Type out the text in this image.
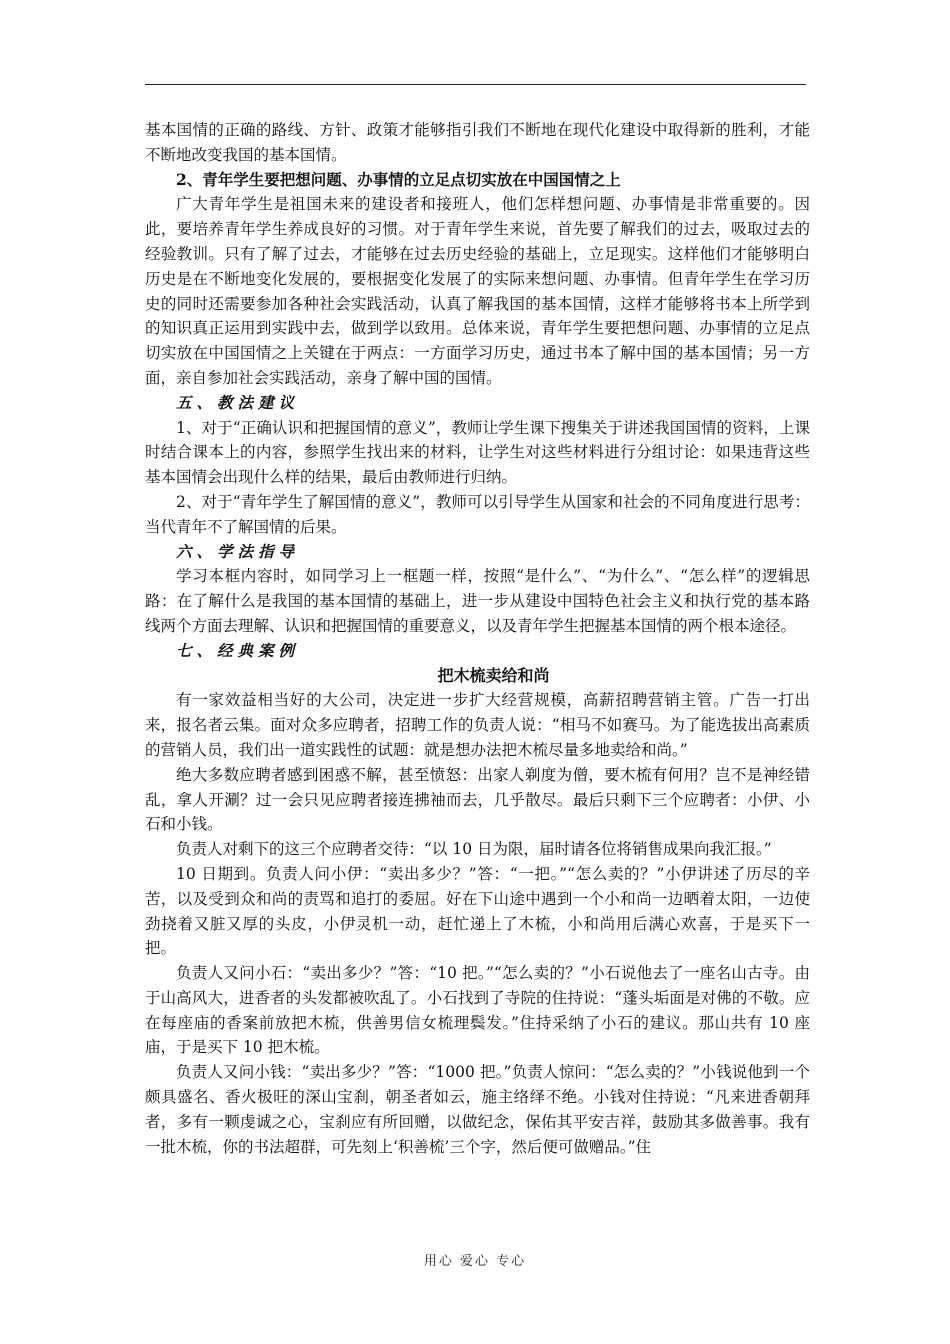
基本国情的正确的路线、方针、政策才能够指引我们不断地在现代化建设中取得新的胜利，才能不断地改变我国的基本国情。

2、青年学生要把想问题、办事情的立足点切实放在中国国情之上

广大青年学生是祖国未来的建设者和接班人，他们怎样想问题、办事情是非常重要的。因此，要培养青年学生养成良好的习惯。对于青年学生来说，首先要了解我们的过去，吸取过去的经验教训。只有了解了过去，才能够在过去历史经验的基础上，立足现实。这样他们才能够明白历史是在不断地变化发展的，要根据变化发展了的实际来想问题、办事情。但青年学生在学习历史的同时还需要参加各种社会实践活动，认真了解我国的基本国情，这样才能够将书本上所学到的知识真正运用到实践中去，做到学以致用。总体来说，青年学生要把想问题、办事情的立足点切实放在中国国情之上关键在于两点：一方面学习历史，通过书本了解中国的基本国情；另一方面，亲自参加社会实践活动，亲身了解中国的国情。

五、教法建议

1、对于“正确认识和把握国情的意义”，教师让学生课下搜集关于讲述我国国情的资料，上课时结合课本上的内容，参照学生找出来的材料，让学生对这些材料进行分组讨论：如果违背这些基本国情会出现什么样的结果，最后由教师进行归纳。

2、对于“青年学生了解国情的意义”，教师可以引导学生从国家和社会的不同角度进行思考：当代青年不了解国情的后果。

六、学法指导

学习本框内容时，如同学习上一框题一样，按照“是什么”、“为什么”、“怎么样”的逻辑思路：在了解什么是我国的基本国情的基础上，进一步从建设中国特色社会主义和执行党的基本路线两个方面去理解、认识和把握国情的重要意义，以及青年学生把握基本国情的两个根本途径。

七、经典案例

把木梳卖给和尚

有一家效益相当好的大公司，决定进一步扩大经营规模，高薪招聘营销主管。广告一打出来，报名者云集。面对众多应聘者，招聘工作的负责人说：“相马不如赛马。为了能选拔出高素质的营销人员，我们出一道实践性的试题：就是想办法把木梳尽量多地卖给和尚。”

绝大多数应聘者感到困惑不解，甚至愤怒：出家人剃度为僧，要木梳有何用？岂不是神经错乱，拿人开涮？过一会只见应聘者接连拂袖而去，几乎散尽。最后只剩下三个应聘者：小伊、小石和小钱。

负责人对剩下的这三个应聘者交待：“以 10 日为限，届时请各位将销售成果向我汇报。”

10 日期到。负责人问小伊：“卖出多少？”答：“一把。”“怎么卖的？”小伊讲述了历尽的辛苦，以及受到众和尚的责骂和追打的委屈。好在下山途中遇到一个小和尚一边晒着太阳，一边使劲挠着又脏又厚的头皮，小伊灵机一动，赶忙递上了木梳，小和尚用后满心欢喜，于是买下一把。

负责人又问小石：“卖出多少？”答：“10 把。”“怎么卖的？”小石说他去了一座名山古寺。由于山高风大，进香者的头发都被吹乱了。小石找到了寺院的住持说：“蓬头垢面是对佛的不敬。应在每座庙的香案前放把木梳，供善男信女梳理鬓发。”住持采纳了小石的建议。那山共有 10 座庙，于是买下 10 把木梳。

负责人又问小钱：“卖出多少？”答：“1000 把。”负责人惊问：“怎么卖的？”小钱说他到一个颇具盛名、香火极旺的深山宝刹，朝圣者如云，施主络绎不绝。小钱对住持说：“凡来进香朝拜者，多有一颗虔诚之心，宝刹应有所回赠，以做纪念，保佑其平安吉祥，鼓励其多做善事。我有一批木梳，你的书法超群，可先刻上‘积善梳’三个字，然后便可做赠品。”住

用心 爱心 专心
